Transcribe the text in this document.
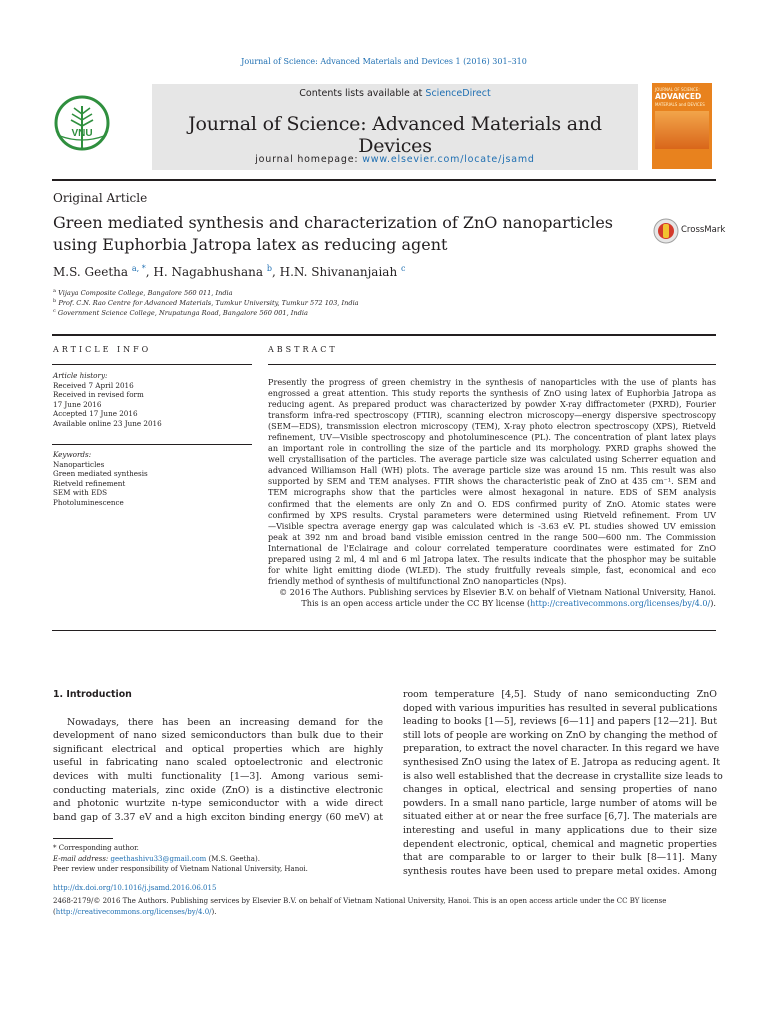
Journal of Science: Advanced Materials and Devices 1 (2016) 301–310
VNU
Contents lists available at ScienceDirect
Journal of Science: Advanced Materials and Devices
journal homepage: www.elsevier.com/locate/jsamd
JOURNAL OF SCIENCE:
ADVANCED
MATERIALS and DEVICES
Original Article
Green mediated synthesis and characterization of ZnO nanoparticles
using Euphorbia Jatropa latex as reducing agent
CrossMark
M.S. Geetha $^{a, *}$, H. Nagabhushana $^b$, H.N. Shivananjaiah $^c$
$^a$ Vijaya Composite College, Bangalore 560 011, India
$^b$ Prof. C.N. Rao Centre for Advanced Materials, Tumkur University, Tumkur 572 103, India
$^c$ Government Science College, Nrupatunga Road, Bangalore 560 001, India
ARTICLE INFO	ABSTRACT
Article history:
Received 7 April 2016
Received in revised form
17 June 2016
Accepted 17 June 2016
Available online 23 June 2016
Keywords:
Nanoparticles
Green mediated synthesis
Rietveld refinement
SEM with EDS
Photoluminescence
Presently the progress of green chemistry in the synthesis of nanoparticles with the use of plants has
engrossed a great attention. This study reports the synthesis of ZnO using latex of Euphorbia Jatropa as
reducing agent. As prepared product was characterized by powder X-ray diffractometer (PXRD), Fourier
transform infra-red spectroscopy (FTIR), scanning electron microscopy—energy dispersive spectroscopy
(SEM—EDS), transmission electron microscopy (TEM), X-ray photo electron spectroscopy (XPS), Rietveld
refinement, UV—Visible spectroscopy and photoluminescence (PL). The concentration of plant latex plays
an important role in controlling the size of the particle and its morphology. PXRD graphs showed the
well crystallisation of the particles. The average particle size was calculated using Scherrer equation and
advanced Williamson Hall (WH) plots. The average particle size was around 15 nm. This result was also
supported by SEM and TEM analyses. FTIR shows the characteristic peak of ZnO at 435 cm⁻¹. SEM and
TEM micrographs show that the particles were almost hexagonal in nature. EDS of SEM analysis
confirmed that the elements are only Zn and O. EDS confirmed purity of ZnO. Atomic states were
confirmed by XPS results. Crystal parameters were determined using Rietveld refinement. From UV
—Visible spectra average energy gap was calculated which is -3.63 eV. PL studies showed UV emission
peak at 392 nm and broad band visible emission centred in the range 500—600 nm. The Commission
International de l'Eclairage and colour correlated temperature coordinates were estimated for ZnO
prepared using 2 ml, 4 ml and 6 ml Jatropa latex. The results indicate that the phosphor may be suitable
for white light emitting diode (WLED). The study fruitfully reveals simple, fast, economical and eco
friendly method of synthesis of multifunctional ZnO nanoparticles (Nps).
© 2016 The Authors. Publishing services by Elsevier B.V. on behalf of Vietnam National University, Hanoi.
This is an open access article under the CC BY license (http://creativecommons.org/licenses/by/4.0/).
1. Introduction
Nowadays, there has been an increasing demand for the
development of nano sized semiconductors than bulk due to their
significant electrical and optical properties which are highly
useful in fabricating nano scaled optoelectronic and electronic
devices with multi functionality [1—3]. Among various semi-
conducting materials, zinc oxide (ZnO) is a distinctive electronic
and photonic wurtzite n-type semiconductor with a wide direct
band gap of 3.37 eV and a high exciton binding energy (60 meV) at
room temperature [4,5]. Study of nano semiconducting ZnO
doped with various impurities has resulted in several publications
leading to books [1—5], reviews [6—11] and papers [12—21]. But
still lots of people are working on ZnO by changing the method of
preparation, to extract the novel character. In this regard we have
synthesised ZnO using the latex of E. Jatropa as reducing agent. It
is also well established that the decrease in crystallite size leads to
changes in optical, electrical and sensing properties of nano
powders. In a small nano particle, large number of atoms will be
situated either at or near the free surface [6,7]. The materials are
interesting and useful in many applications due to their size
dependent electronic, optical, chemical and magnetic properties
that are comparable to or larger to their bulk [8—11]. Many
synthesis routes have been used to prepare metal oxides. Among
* Corresponding author.
E-mail address: geethashivu33@gmail.com (M.S. Geetha).
Peer review under responsibility of Vietnam National University, Hanoi.
http://dx.doi.org/10.1016/j.jsamd.2016.06.015
2468-2179/© 2016 The Authors. Publishing services by Elsevier B.V. on behalf of Vietnam National University, Hanoi. This is an open access article under the CC BY license
(http://creativecommons.org/licenses/by/4.0/).
